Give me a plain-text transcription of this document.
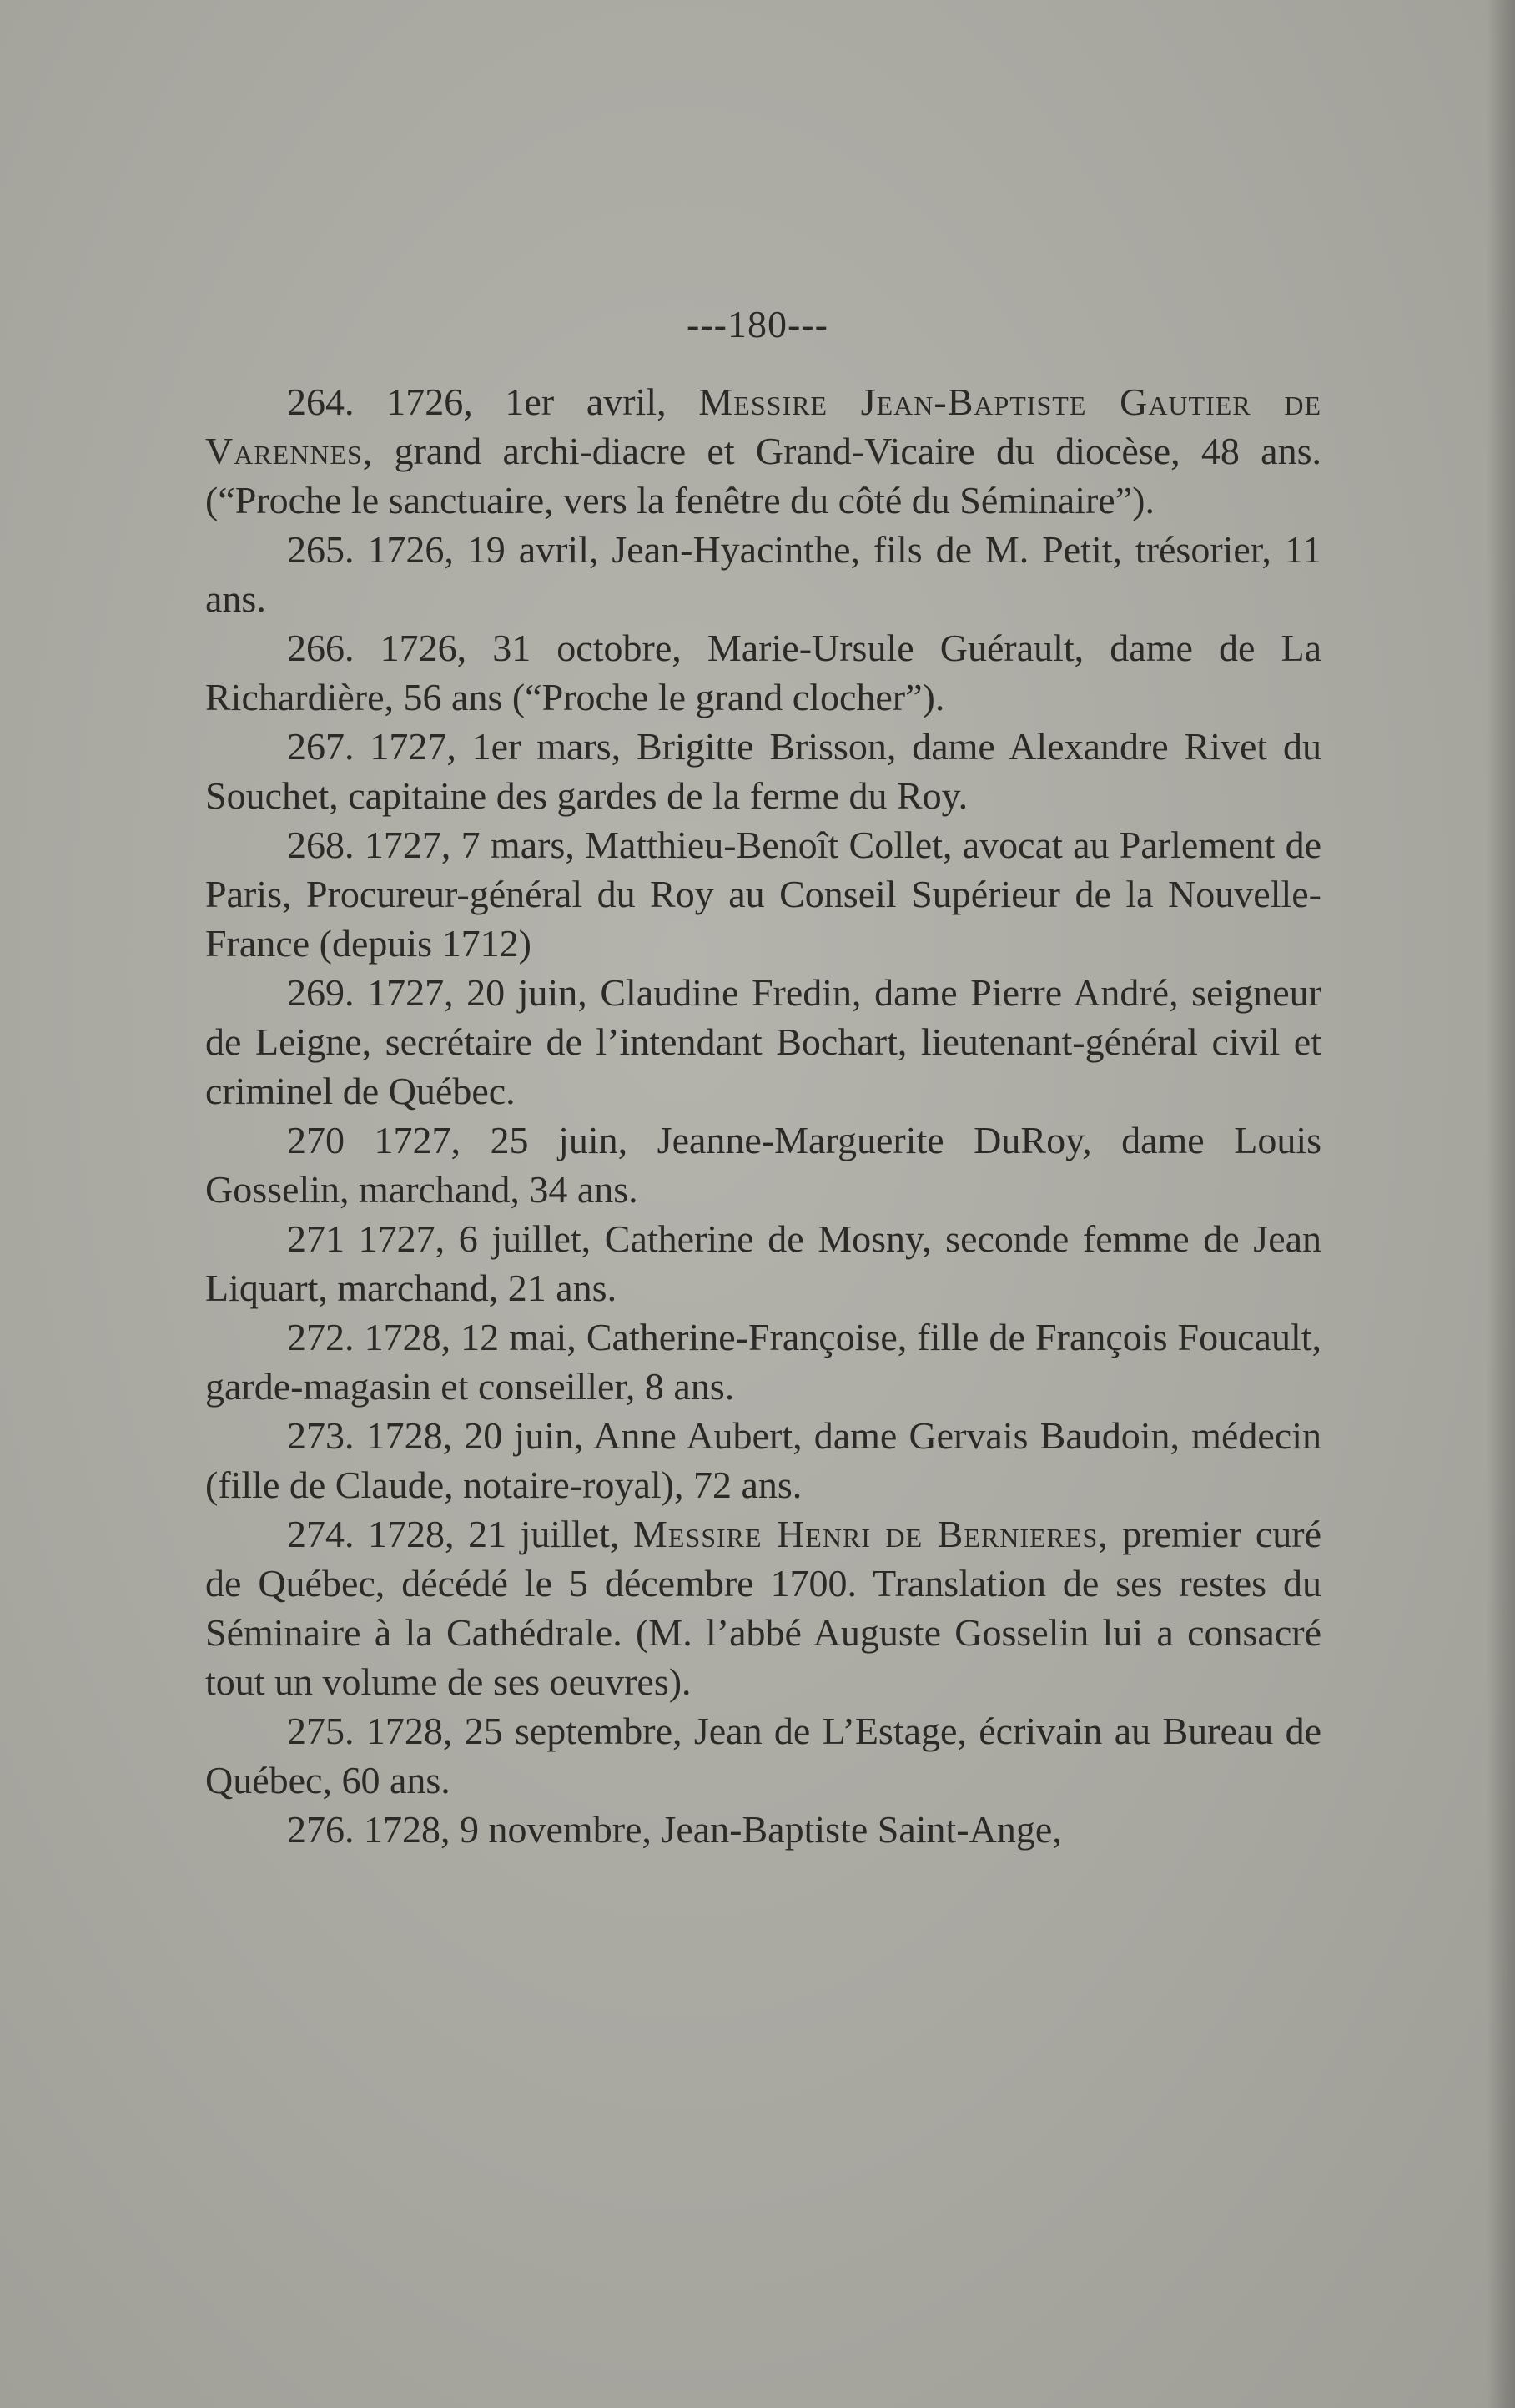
---180---

264. 1726, 1er avril, Messire Jean-Baptiste Gautier de Varennes, grand archi-diacre et Grand-Vicaire du diocèse, 48 ans. (“Proche le sanctuaire, vers la fenêtre du côté du Séminaire”).

265. 1726, 19 avril, Jean-Hyacinthe, fils de M. Petit, trésorier, 11 ans.

266. 1726, 31 octobre, Marie-Ursule Guérault, dame de La Richardière, 56 ans (“Proche le grand clocher”).

267. 1727, 1er mars, Brigitte Brisson, dame Alexandre Rivet du Souchet, capitaine des gardes de la ferme du Roy.

268. 1727, 7 mars, Matthieu-Benoît Collet, avocat au Parlement de Paris, Procureur-général du Roy au Conseil Supérieur de la Nouvelle-France (depuis 1712)

269. 1727, 20 juin, Claudine Fredin, dame Pierre André, seigneur de Leigne, secrétaire de l’intendant Bochart, lieutenant-général civil et criminel de Québec.

270 1727, 25 juin, Jeanne-Marguerite DuRoy, dame Louis Gosselin, marchand, 34 ans.

271 1727, 6 juillet, Catherine de Mosny, seconde femme de Jean Liquart, marchand, 21 ans.

272. 1728, 12 mai, Catherine-Françoise, fille de François Foucault, garde-magasin et conseiller, 8 ans.

273. 1728, 20 juin, Anne Aubert, dame Gervais Baudoin, médecin (fille de Claude, notaire-royal), 72 ans.

274. 1728, 21 juillet, Messire Henri de Bernieres, premier curé de Québec, décédé le 5 décembre 1700. Translation de ses restes du Séminaire à la Cathédrale. (M. l’abbé Auguste Gosselin lui a consacré tout un volume de ses oeuvres).

275. 1728, 25 septembre, Jean de L’Estage, écrivain au Bureau de Québec, 60 ans.

276. 1728, 9 novembre, Jean-Baptiste Saint-Ange,
